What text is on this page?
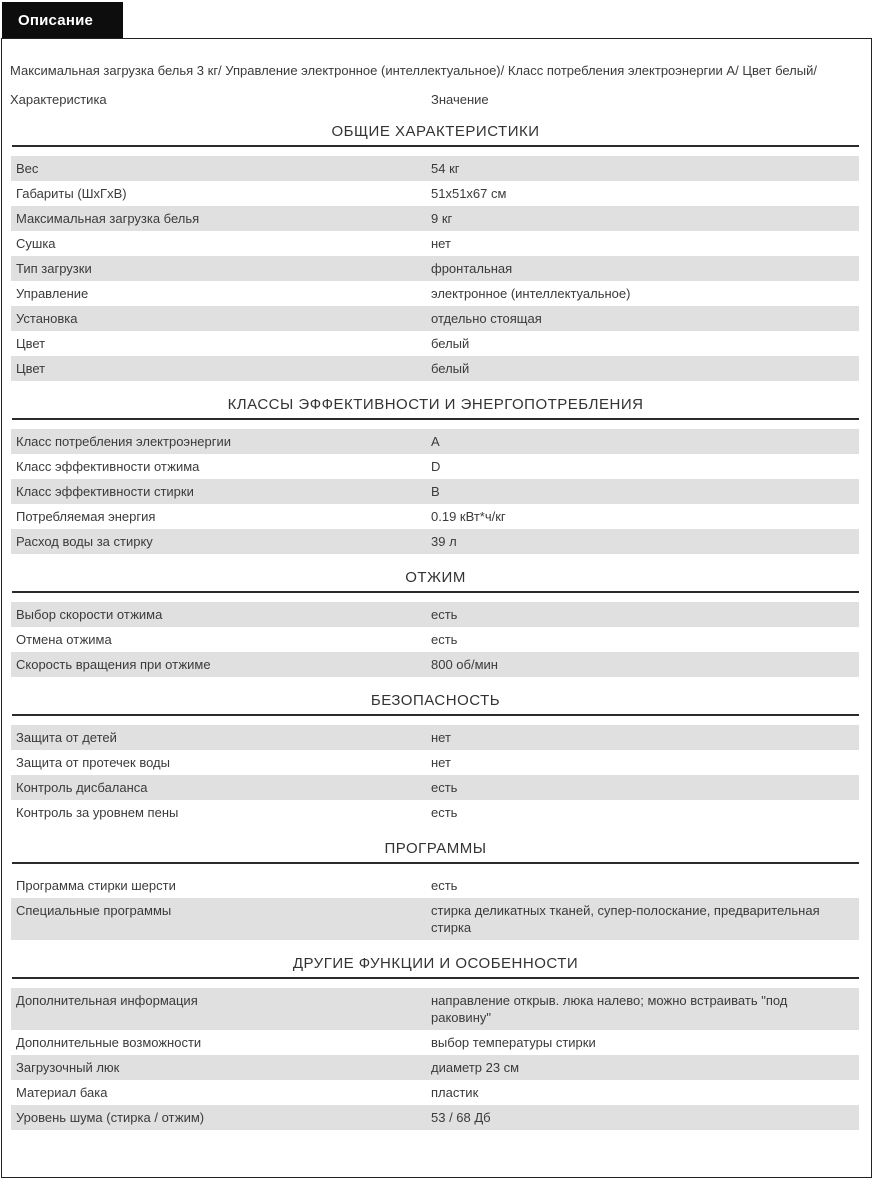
Описание
Максимальная загрузка белья 3 кг/ Управление электронное (интеллектуальное)/ Класс потребления электроэнергии А/ Цвет белый/
Характеристика	Значение
ОБЩИЕ ХАРАКТЕРИСТИКИ
Вес	54 кг
Габариты (ШхГхВ)	51x51x67 см
Максимальная загрузка белья	9 кг
Сушка	нет
Тип загрузки	фронтальная
Управление	электронное (интеллектуальное)
Установка	отдельно стоящая
Цвет	белый
Цвет	белый
КЛАССЫ ЭФФЕКТИВНОСТИ И ЭНЕРГОПОТРЕБЛЕНИЯ
Класс потребления электроэнергии	A
Класс эффективности отжима	D
Класс эффективности стирки	B
Потребляемая энергия	0.19 кВт*ч/кг
Расход воды за стирку	39 л
ОТЖИМ
Выбор скорости отжима	есть
Отмена отжима	есть
Скорость вращения при отжиме	800 об/мин
БЕЗОПАСНОСТЬ
Защита от детей	нет
Защита от протечек воды	нет
Контроль дисбаланса	есть
Контроль за уровнем пены	есть
ПРОГРАММЫ
Программа стирки шерсти	есть
Специальные программы	стирка деликатных тканей, супер-полоскание, предварительная стирка
ДРУГИЕ ФУНКЦИИ И ОСОБЕННОСТИ
Дополнительная информация	направление открыв. люка налево; можно встраивать "под раковину"
Дополнительные возможности	выбор температуры стирки
Загрузочный люк	диаметр 23 см
Материал бака	пластик
Уровень шума (стирка / отжим)	53 / 68 Дб
